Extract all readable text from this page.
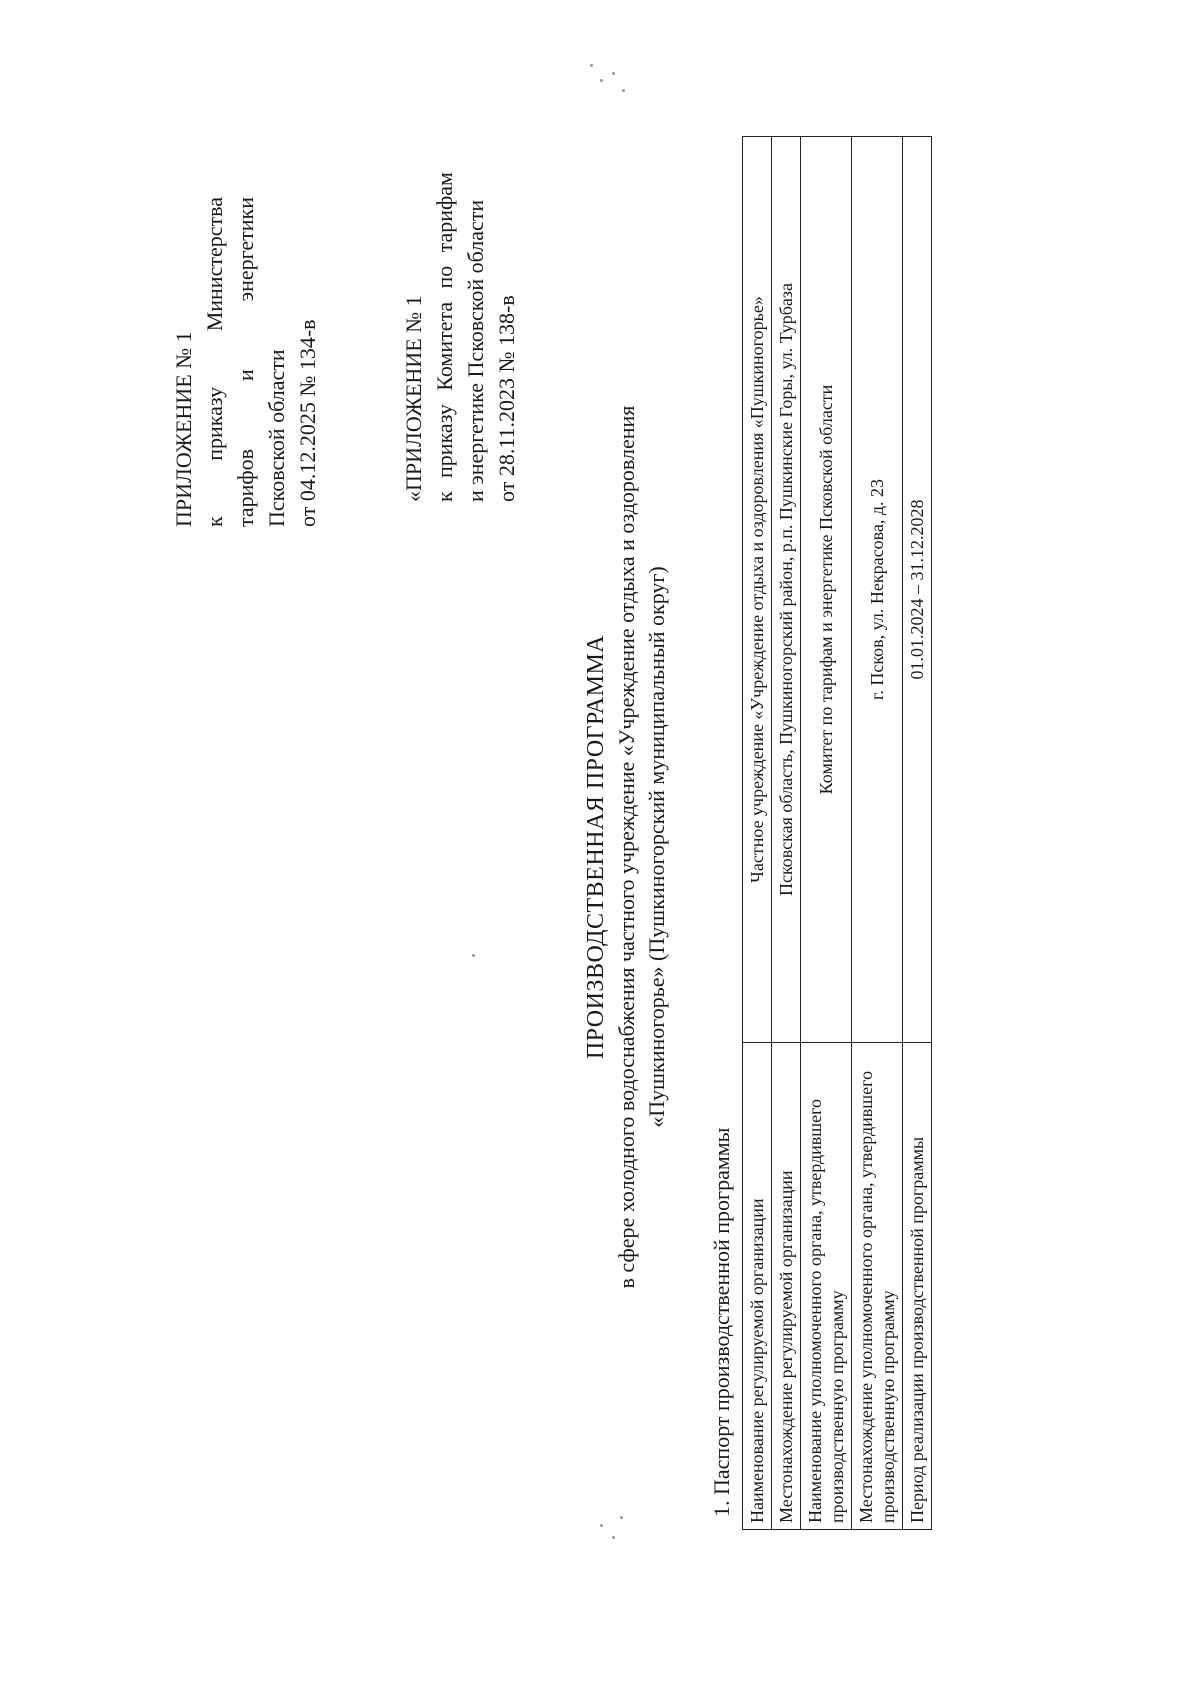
ПРИЛОЖЕНИЕ № 1 к
приказу
Министерства
тарифов
и
энергетики
Псковской области от 04.12.2025 № 134-в	«ПРИЛОЖЕНИЕ № 1 к
приказу
Комитета
по
тарифам и энергетике Псковской области от 28.11.2023 № 138-в
ПРОИЗВОДСТВЕННАЯ ПРОГРАММА в сфере холодного водоснабжения частного учреждение «Учреждение отдыха и оздоровления «Пушкиногорье» (Пушкиногорский муниципальный округ)
1. Паспорт производственной программы Наименование регулируемой организации	Частное учреждение «Учреждение отдыха и оздоровления «Пушкиногорье»
Местонахождение регулируемой организации	Псковская область, Пушкиногорский район, р.п. Пушкинские Горы, ул. Турбаза
Наименование уполномоченного органа, утвердившего производственную программу	Комитет по тарифам и энергетике Псковской области
Местонахождение уполномоченного органа, утвердившего производственную программу	г. Псков, ул. Некрасова, д. 23
Период реализации производственной программы	01.01.2024 – 31.12.2028
